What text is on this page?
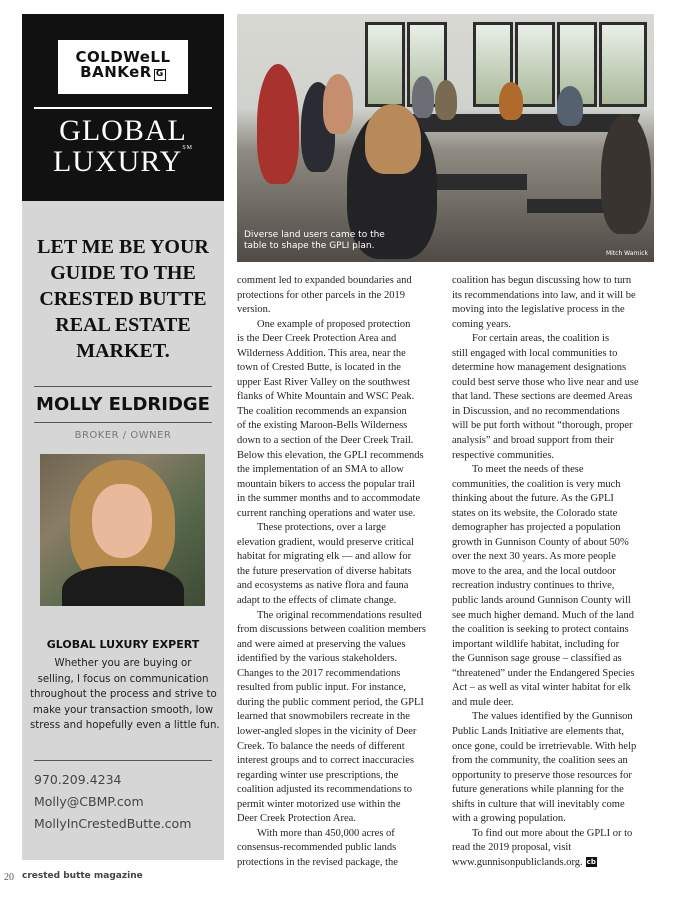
COLDWeLL
BANKeR G
GLOBAL
LUXURY℠
LET ME BE YOUR
GUIDE TO THE
CRESTED BUTTE
REAL ESTATE
MARKET.
MOLLY ELDRIDGE
BROKER / OWNER
GLOBAL LUXURY EXPERT
Whether you are buying or
selling, I focus on communication
throughout the process and strive to
make your transaction smooth, low
stress and hopefully even a little fun.
970.209.4234
Molly@CBMP.com
MollyInCrestedButte.com
Diverse land users came to the
table to shape the GPLI plan.
Mitch Warnick
comment led to expanded boundaries and
protections for other parcels in the 2019
version.
One example of proposed protection
is the Deer Creek Protection Area and
Wilderness Addition. This area, near the
town of Crested Butte, is located in the
upper East River Valley on the southwest
flanks of White Mountain and WSC Peak.
The coalition recommends an expansion
of the existing Maroon-Bells Wilderness
down to a section of the Deer Creek Trail.
Below this elevation, the GPLI recommends
the implementation of an SMA to allow
mountain bikers to access the popular trail
in the summer months and to accommodate
current ranching operations and water use.
These protections, over a large
elevation gradient, would preserve critical
habitat for migrating elk — and allow for
the future preservation of diverse habitats
and ecosystems as native flora and fauna
adapt to the effects of climate change.
The original recommendations resulted
from discussions between coalition members
and were aimed at preserving the values
identified by the various stakeholders.
Changes to the 2017 recommendations
resulted from public input. For instance,
during the public comment period, the GPLI
learned that snowmobilers recreate in the
lower-angled slopes in the vicinity of Deer
Creek. To balance the needs of different
interest groups and to correct inaccuracies
regarding winter use prescriptions, the
coalition adjusted its recommendations to
permit winter motorized use within the
Deer Creek Protection Area.
With more than 450,000 acres of
consensus-recommended public lands
protections in the revised package, the
coalition has begun discussing how to turn
its recommendations into law, and it will be
moving into the legislative process in the
coming years.
For certain areas, the coalition is
still engaged with local communities to
determine how management designations
could best serve those who live near and use
that land. These sections are deemed Areas
in Discussion, and no recommendations
will be put forth without “thorough, proper
analysis” and broad support from their
respective communities.
To meet the needs of these
communities, the coalition is very much
thinking about the future. As the GPLI
states on its website, the Colorado state
demographer has projected a population
growth in Gunnison County of about 50%
over the next 30 years. As more people
move to the area, and the local outdoor
recreation industry continues to thrive,
public lands around Gunnison County will
see much higher demand. Much of the land
the coalition is seeking to protect contains
important wildlife habitat, including for
the Gunnison sage grouse – classified as
“threatened” under the Endangered Species
Act – as well as vital winter habitat for elk
and mule deer.
The values identified by the Gunnison
Public Lands Initiative are elements that,
once gone, could be irretrievable. With help
from the community, the coalition sees an
opportunity to preserve those resources for
future generations while planning for the
shifts in culture that will inevitably come
with a growing population.
To find out more about the GPLI or to
read the 2019 proposal, visit
www.gunnisonpubliclands.org. cb
20 crested butte magazine
